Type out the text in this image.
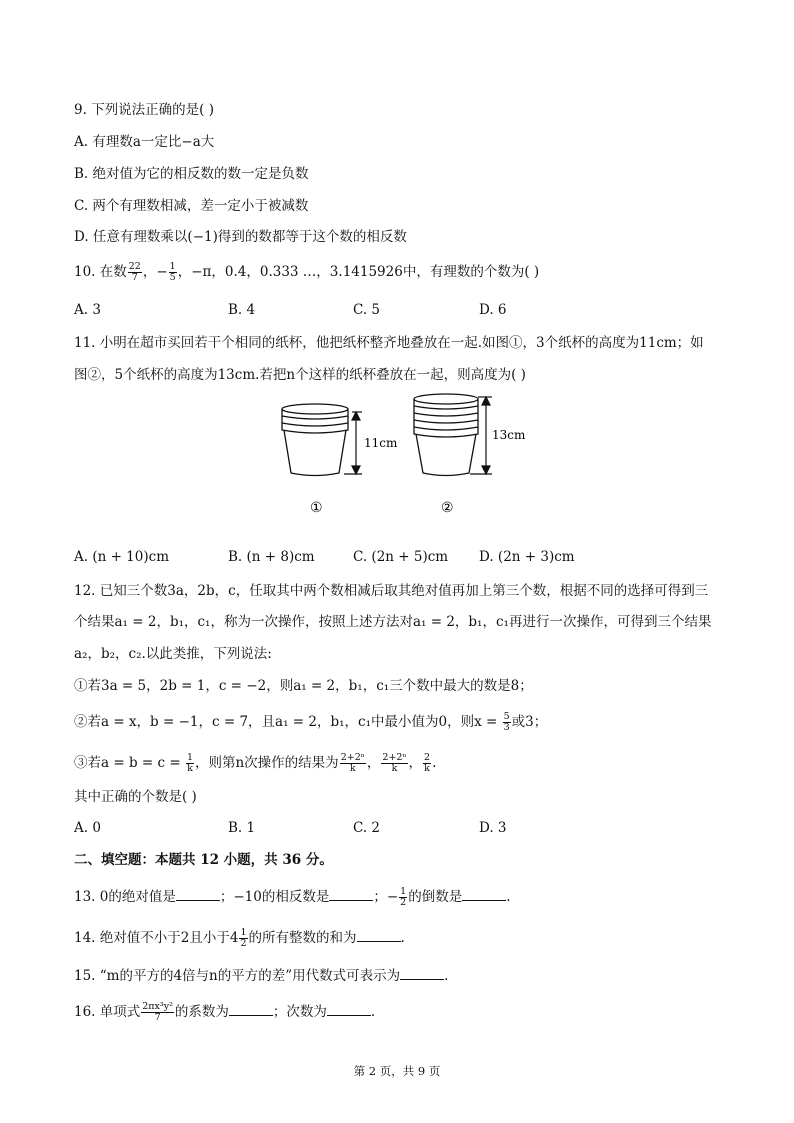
9. 下列说法正确的是( )
A. 有理数a一定比−a大
B. 绝对值为它的相反数的数一定是负数
C. 两个有理数相减，差一定小于被减数
D. 任意有理数乘以(−1)得到的数都等于这个数的相反数
10. 在数 $\frac{22}{7}$ ，− $\frac{1}{5}$ ，−π，0.4，0.333 …，3.1415926中，有理数的个数为( )
A. 3	B. 4	C. 5	D. 6
11. 小明在超市买回若干个相同的纸杯，他把纸杯整齐地叠放在一起.如图①，3个纸杯的高度为11cm；如
图②，5个纸杯的高度为13cm.若把n个这样的纸杯叠放在一起，则高度为( )
11cm
①
13cm
②
A. (n + 10)cm	B. (n + 8)cm	C. (2n + 5)cm D. (2n + 3)cm
12. 已知三个数3a，2b，c，任取其中两个数相减后取其绝对值再加上第三个数，根据不同的选择可得到三
个结果a₁ = 2，b₁，c₁，称为一次操作，按照上述方法对a₁ = 2，b₁，c₁再进行一次操作，可得到三个结果
a₂，b₂，c₂.以此类推，下列说法:
①若3a = 5，2b = 1，c = −2，则a₁ = 2，b₁，c₁三个数中最大的数是8；
②若a = x，b = −1，c = 7，且a₁ = 2，b₁，c₁中最小值为0，则$x = \frac{5}{3}$ 或3；
③若$a = b = c = \frac{1}{k}$ ，则第n次操作的结果为 $\frac{\text{2+2ⁿ}}{k}$ ， $\frac{\text{2+2ⁿ}}{k}$ ， $\frac{2}{k}$ .
其中正确的个数是( )
A. 0	B. 1	C. 2	D. 3
二、填空题：本题共 12 小题，共 36 分。
13. 0的绝对值是	；−10的相反数是	；− $\frac{1}{2}$ 的倒数是	.
14. 绝对值不小于2且小于$4 \frac{1}{2}$ 的所有整数的和为	.
15. “m的平方的4倍与n的平方的差”用代数式可表示为	.
16. 单项式 $\frac{\text{2πx³y²}}{7}$ 的系数为	；次数为	.
第 2 页，共 9 页
